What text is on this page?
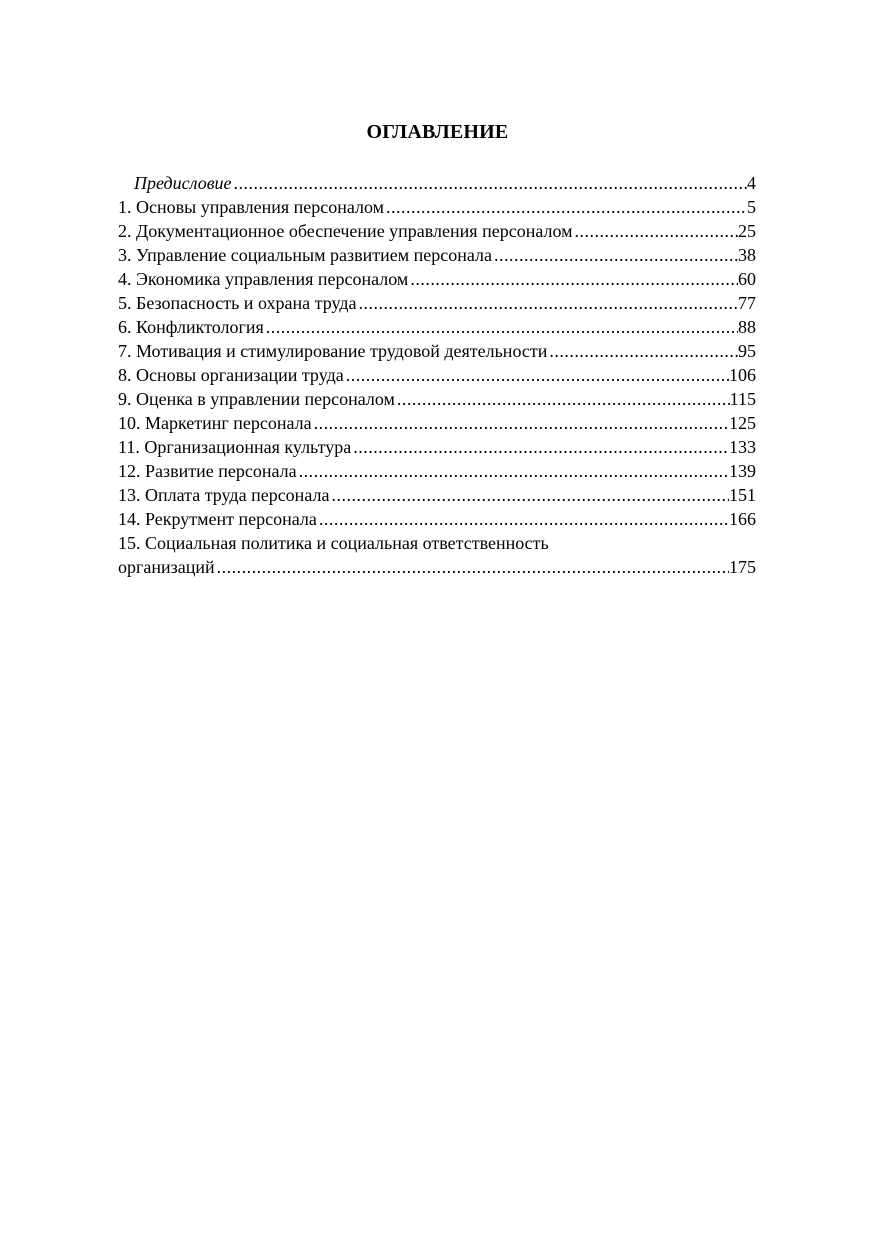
ОГЛАВЛЕНИЕ
Предисловие .....	4
1. Основы управления персоналом .....	5
2. Документационное обеспечение управления персоналом .....	25
3. Управление социальным развитием персонала .....	38
4. Экономика управления персоналом .....	60
5. Безопасность и охрана труда .....	77
6. Конфликтология .....	88
7. Мотивация и стимулирование трудовой деятельности .....	95
8. Основы организации труда .....	106
9. Оценка в управлении персоналом .....	115
10. Маркетинг персонала .....	125
11. Организационная культура .....	133
12. Развитие персонала .....	139
13. Оплата труда персонала .....	151
14. Рекрутмент персонала .....	166
15. Социальная политика и социальная ответственность
организаций .....	175
